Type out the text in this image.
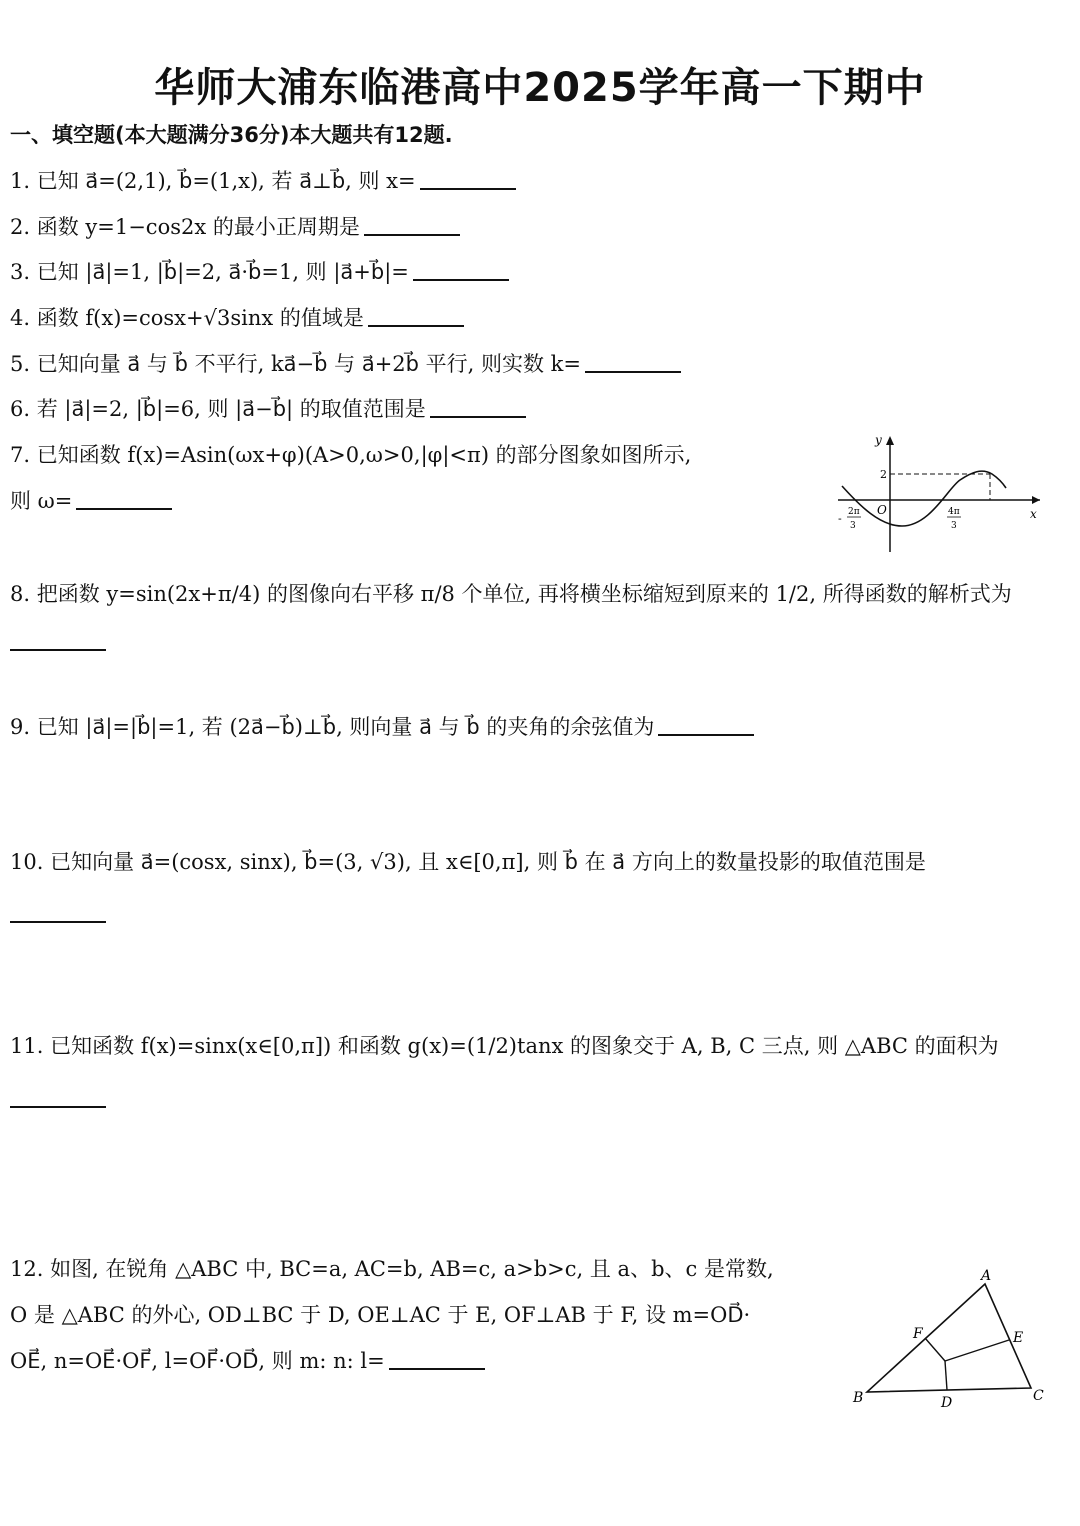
华师大浦东临港高中2025学年高一下期中
一、填空题(本大题满分36分)本大题共有12题.
1. 已知 a⃗=(2,1), b⃗=(1,x), 若 a⃗⊥b⃗, 则 x=
2. 函数 y=1−cos2x 的最小正周期是
3. 已知 |a⃗|=1, |b⃗|=2, a⃗·b⃗=1, 则 |a⃗+b⃗|=
4. 函数 f(x)=cosx+√3sinx 的值域是
5. 已知向量 a⃗ 与 b⃗ 不平行, ka⃗−b⃗ 与 a⃗+2b⃗ 平行, 则实数 k=
6. 若 |a⃗|=2, |b⃗|=6, 则 |a⃗−b⃗| 的取值范围是
7. 已知函数 f(x)=Asin(ωx+φ)(A>0,ω>0,|φ|<π) 的部分图象如图所示,
则 ω=
y
x
O
2
- 2π
3
4π
3
8. 把函数 y=sin(2x+π/4) 的图像向右平移 π/8 个单位, 再将横坐标缩短到原来的 1/2, 所得函数的解析式为
9. 已知 |a⃗|=|b⃗|=1, 若 (2a⃗−b⃗)⊥b⃗, 则向量 a⃗ 与 b⃗ 的夹角的余弦值为
10. 已知向量 a⃗=(cosx, sinx), b⃗=(3, √3), 且 x∈[0,π], 则 b⃗ 在 a⃗ 方向上的数量投影的取值范围是
11. 已知函数 f(x)=sinx(x∈[0,π]) 和函数 g(x)=(1/2)tanx 的图象交于 A, B, C 三点, 则 △ABC 的面积为
12. 如图, 在锐角 △ABC 中, BC=a, AC=b, AB=c, a>b>c, 且 a、b、c 是常数,
O 是 △ABC 的外心, OD⊥BC 于 D, OE⊥AC 于 E, OF⊥AB 于 F, 设 m=OD⃗·
OE⃗, n=OE⃗·OF⃗, l=OF⃗·OD⃗, 则 m: n: l=
A
B	C
D
E
F
